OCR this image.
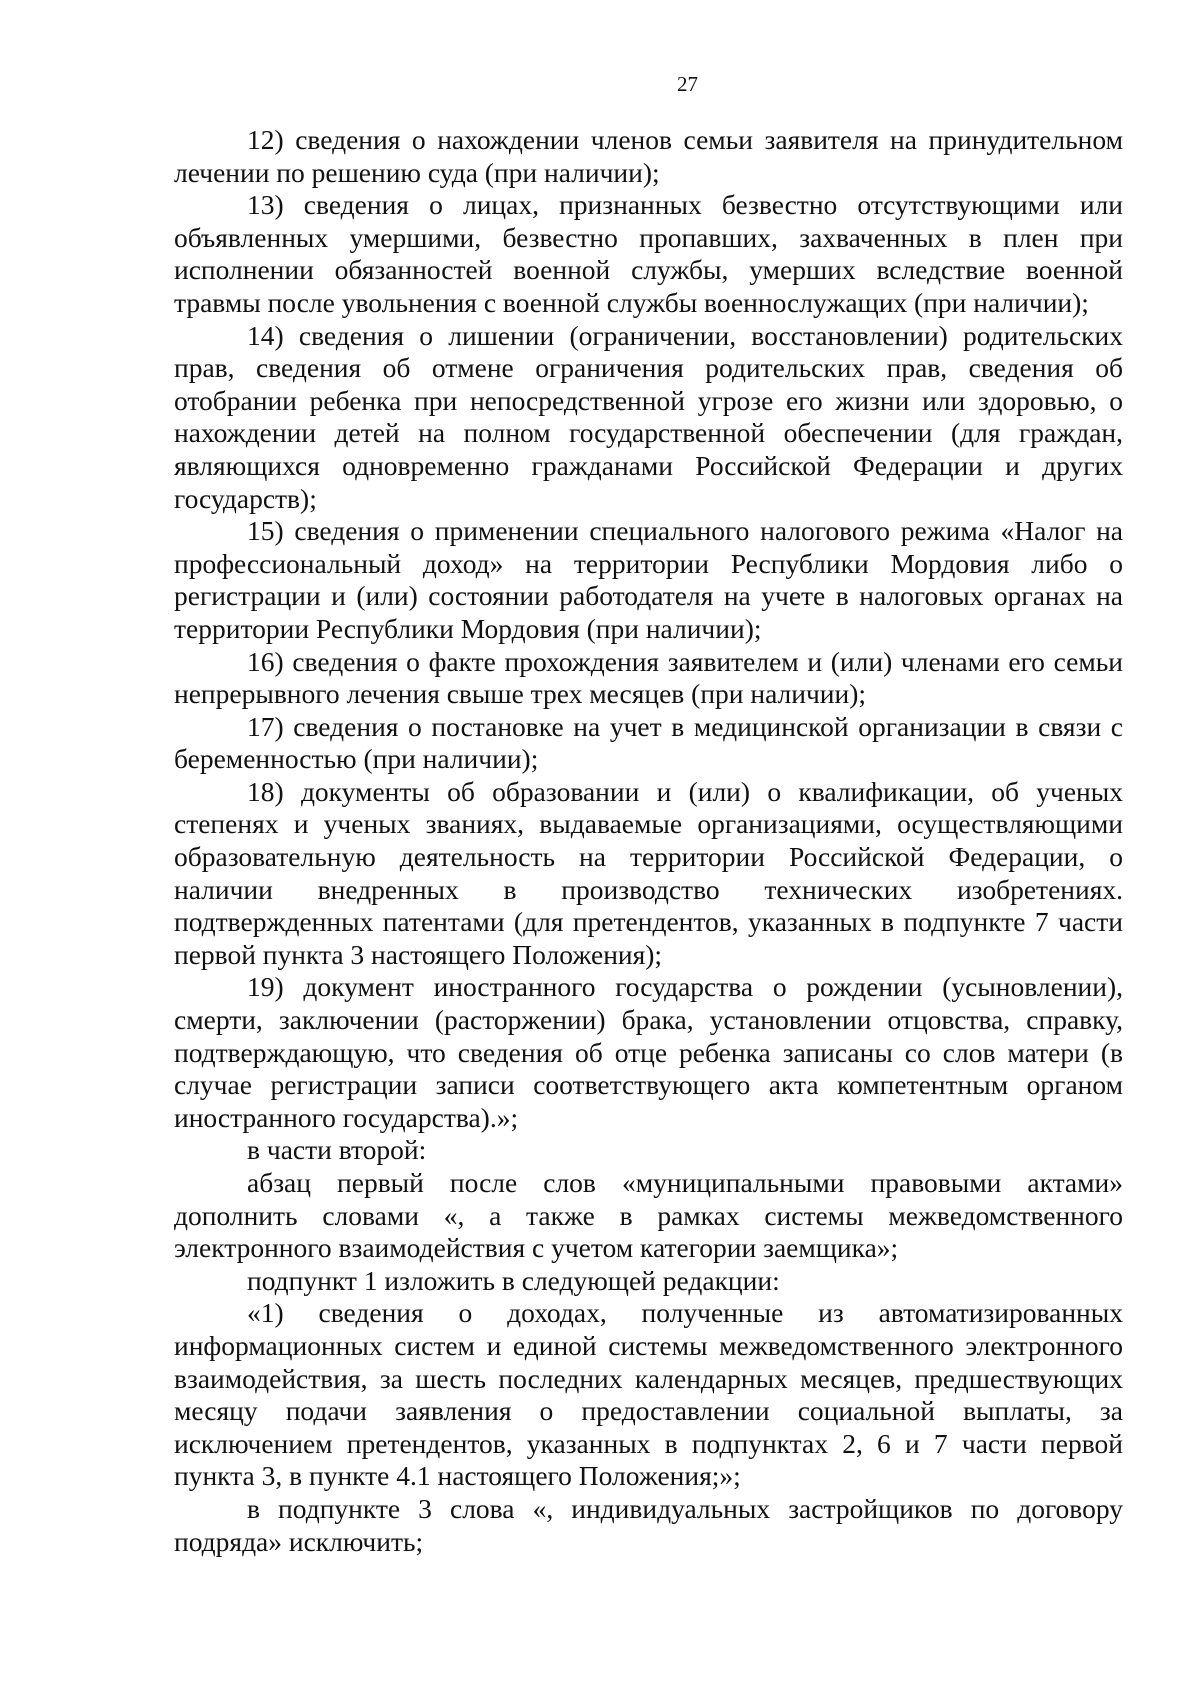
27

12) сведения о нахождении членов семьи заявителя на принудительном лечении по решению суда (при наличии);

13) сведения о лицах, признанных безвестно отсутствующими или объявленных умершими, безвестно пропавших, захваченных в плен при исполнении обязанностей военной службы, умерших вследствие военной травмы после увольнения с военной службы военнослужащих (при наличии);

14) сведения о лишении (ограничении, восстановлении) родительских прав, сведения об отмене ограничения родительских прав, сведения об отобрании ребенка при непосредственной угрозе его жизни или здоровью, о нахождении детей на полном государственной обеспечении (для граждан, являющихся одновременно гражданами Российской Федерации и других государств);

15) сведения о применении специального налогового режима «Налог на профессиональный доход» на территории Республики Мордовия либо о регистрации и (или) состоянии работодателя на учете в налоговых органах на территории Республики Мордовия (при наличии);

16) сведения о факте прохождения заявителем и (или) членами его семьи непрерывного лечения свыше трех месяцев (при наличии);

17) сведения о постановке на учет в медицинской организации в связи с беременностью (при наличии);

18) документы об образовании и (или) о квалификации, об ученых степенях и ученых званиях, выдаваемые организациями, осуществляющими образовательную деятельность на территории Российской Федерации, о наличии внедренных в производство технических изобретениях. подтвержденных патентами (для претендентов, указанных в подпункте 7 части первой пункта 3 настоящего Положения);

19) документ иностранного государства о рождении (усыновлении), смерти, заключении (расторжении) брака, установлении отцовства, справку, подтверждающую, что сведения об отце ребенка записаны со слов матери (в случае регистрации записи соответствующего акта компетентным органом иностранного государства).»;

в части второй:

абзац первый после слов «муниципальными правовыми актами» дополнить словами «, а также в рамках системы межведомственного электронного взаимодействия с учетом категории заемщика»;

подпункт 1 изложить в следующей редакции:

«1) сведения о доходах, полученные из автоматизированных информационных систем и единой системы межведомственного электронного взаимодействия, за шесть последних календарных месяцев, предшествующих месяцу подачи заявления о предоставлении социальной выплаты, за исключением претендентов, указанных в подпунктах 2, 6 и 7 части первой пункта 3, в пункте 4.1 настоящего Положения;»;

в подпункте 3 слова «, индивидуальных застройщиков по договору подряда» исключить;
